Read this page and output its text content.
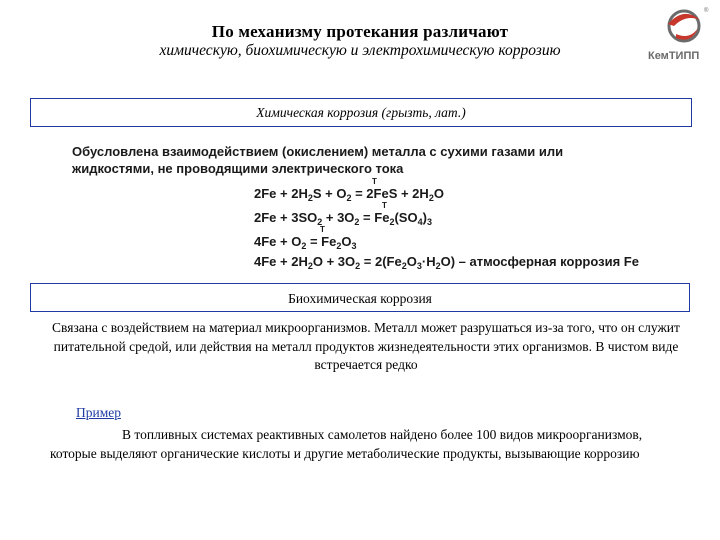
По механизму протекания различают
химическую, биохимическую и электрохимическую коррозию
®
КемТИПП
Химическая коррозия (грызть, лат.)
Обусловлена взаимодействием (окислением) металла с сухими газами или жидкостями, не проводящими электрического тока
T
$2Fe + 2H_2S + O_2 = 2FeS + 2H_2O$
T
$2Fe + 3SO_2 + 3O_2 = Fe_2(SO_4)_3$
T
$4Fe + O_2 = Fe_2O_3$
$4Fe + 2H_2O + 3O_2 = 2(Fe_2O_3\cdot H_2O)$ – атмосферная коррозия Fe
Биохимическая коррозия
Связана с воздействием на материал микроорганизмов. Металл может разрушаться из-за того, что он служит питательной средой, или действия на металл продуктов жизнедеятельности этих организмов. В чистом виде встречается редко
Пример
В топливных системах реактивных самолетов найдено более 100 видов микроорганизмов, которые выделяют органические кислоты и другие метаболические продукты, вызывающие коррозию
